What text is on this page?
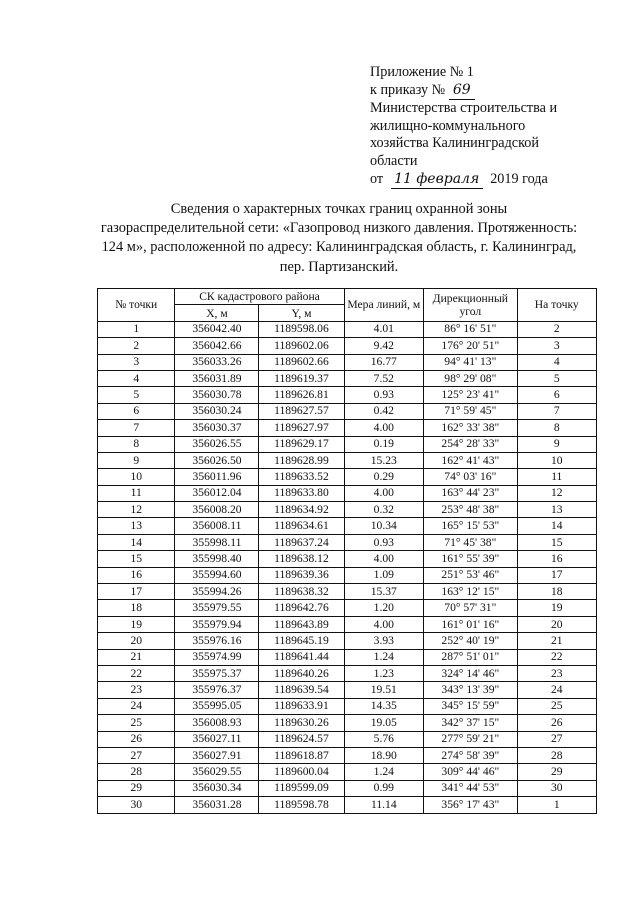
Приложение № 1
к приказу № 69
Министерства строительства и
жилищно-коммунального
хозяйства Калининградской
области
от 11 февраля 2019 года
Сведения о характерных точках границ охранной зоны
газораспределительной сети: «Газопровод низкого давления. Протяженность:
124 м», расположенной по адресу: Калининградская область, г. Калининград,
пер. Партизанский.
№ точки	СК кадастрового района		Мера линий, м	Дирекционный угол	На точку
	X, м	Y, м			
1	356042.40	1189598.06	4.01	86° 16' 51"	2
2	356042.66	1189602.06	9.42	176° 20' 51"	3
3	356033.26	1189602.66	16.77	94° 41' 13"	4
4	356031.89	1189619.37	7.52	98° 29' 08"	5
5	356030.78	1189626.81	0.93	125° 23' 41"	6
6	356030.24	1189627.57	0.42	71° 59' 45"	7
7	356030.37	1189627.97	4.00	162° 33' 38"	8
8	356026.55	1189629.17	0.19	254° 28' 33"	9
9	356026.50	1189628.99	15.23	162° 41' 43"	10
10	356011.96	1189633.52	0.29	74° 03' 16"	11
11	356012.04	1189633.80	4.00	163° 44' 23"	12
12	356008.20	1189634.92	0.32	253° 48' 38"	13
13	356008.11	1189634.61	10.34	165° 15' 53"	14
14	355998.11	1189637.24	0.93	71° 45' 38"	15
15	355998.40	1189638.12	4.00	161° 55' 39"	16
16	355994.60	1189639.36	1.09	251° 53' 46"	17
17	355994.26	1189638.32	15.37	163° 12' 15"	18
18	355979.55	1189642.76	1.20	70° 57' 31"	19
19	355979.94	1189643.89	4.00	161° 01' 16"	20
20	355976.16	1189645.19	3.93	252° 40' 19"	21
21	355974.99	1189641.44	1.24	287° 51' 01"	22
22	355975.37	1189640.26	1.23	324° 14' 46"	23
23	355976.37	1189639.54	19.51	343° 13' 39"	24
24	355995.05	1189633.91	14.35	345° 15' 59"	25
25	356008.93	1189630.26	19.05	342° 37' 15"	26
26	356027.11	1189624.57	5.76	277° 59' 21"	27
27	356027.91	1189618.87	18.90	274° 58' 39"	28
28	356029.55	1189600.04	1.24	309° 44' 46"	29
29	356030.34	1189599.09	0.99	341° 44' 53"	30
30	356031.28	1189598.78	11.14	356° 17' 43"	1
